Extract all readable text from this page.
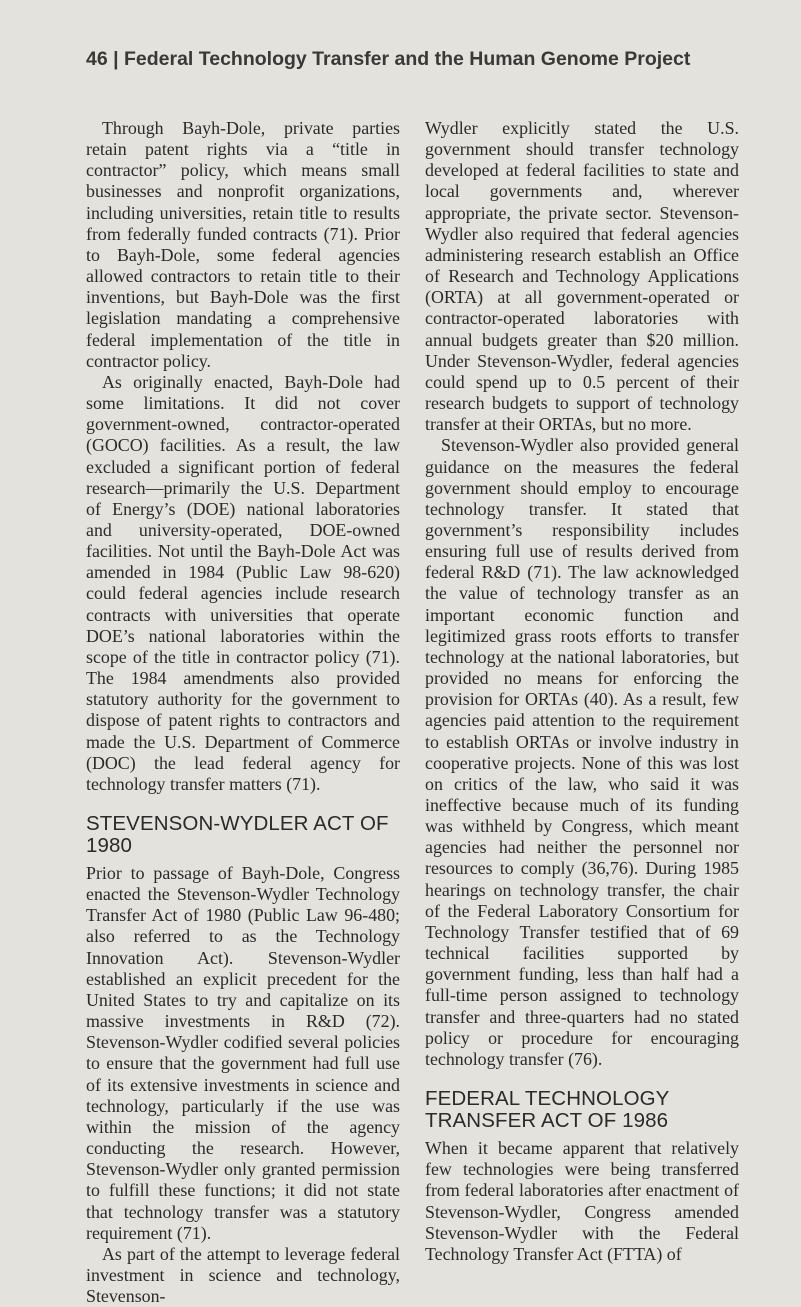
46 | Federal Technology Transfer and the Human Genome Project

Through Bayh-Dole, private parties retain patent rights via a “title in contractor” policy, which means small businesses and nonprofit organizations, including universities, retain title to results from federally funded contracts (71). Prior to Bayh-Dole, some federal agencies allowed contractors to retain title to their inventions, but Bayh-Dole was the first legislation mandating a comprehensive federal implementation of the title in contractor policy.

As originally enacted, Bayh-Dole had some limitations. It did not cover government-owned, contractor-operated (GOCO) facilities. As a result, the law excluded a significant portion of federal research—primarily the U.S. Department of Energy’s (DOE) national laboratories and university-operated, DOE-owned facilities. Not until the Bayh-Dole Act was amended in 1984 (Public Law 98-620) could federal agencies include research contracts with universities that operate DOE’s national laboratories within the scope of the title in contractor policy (71). The 1984 amendments also provided statutory authority for the government to dispose of patent rights to contractors and made the U.S. Department of Commerce (DOC) the lead federal agency for technology transfer matters (71).

STEVENSON-WYDLER ACT OF 1980

Prior to passage of Bayh-Dole, Congress enacted the Stevenson-Wydler Technology Transfer Act of 1980 (Public Law 96-480; also referred to as the Technology Innovation Act). Stevenson-Wydler established an explicit precedent for the United States to try and capitalize on its massive investments in R&D (72). Stevenson-Wydler codified several policies to ensure that the government had full use of its extensive investments in science and technology, particularly if the use was within the mission of the agency conducting the research. However, Stevenson-Wydler only granted permission to fulfill these functions; it did not state that technology transfer was a statutory requirement (71).

As part of the attempt to leverage federal investment in science and technology, Stevenson-

Wydler explicitly stated the U.S. government should transfer technology developed at federal facilities to state and local governments and, wherever appropriate, the private sector. Stevenson-Wydler also required that federal agencies administering research establish an Office of Research and Technology Applications (ORTA) at all government-operated or contractor-operated laboratories with annual budgets greater than $20 million. Under Stevenson-Wydler, federal agencies could spend up to 0.5 percent of their research budgets to support of technology transfer at their ORTAs, but no more.

Stevenson-Wydler also provided general guidance on the measures the federal government should employ to encourage technology transfer. It stated that government’s responsibility includes ensuring full use of results derived from federal R&D (71). The law acknowledged the value of technology transfer as an important economic function and legitimized grass roots efforts to transfer technology at the national laboratories, but provided no means for enforcing the provision for ORTAs (40). As a result, few agencies paid attention to the requirement to establish ORTAs or involve industry in cooperative projects. None of this was lost on critics of the law, who said it was ineffective because much of its funding was withheld by Congress, which meant agencies had neither the personnel nor resources to comply (36,76). During 1985 hearings on technology transfer, the chair of the Federal Laboratory Consortium for Technology Transfer testified that of 69 technical facilities supported by government funding, less than half had a full-time person assigned to technology transfer and three-quarters had no stated policy or procedure for encouraging technology transfer (76).

FEDERAL TECHNOLOGY TRANSFER ACT OF 1986

When it became apparent that relatively few technologies were being transferred from federal laboratories after enactment of Stevenson-Wydler, Congress amended Stevenson-Wydler with the Federal Technology Transfer Act (FTTA) of
